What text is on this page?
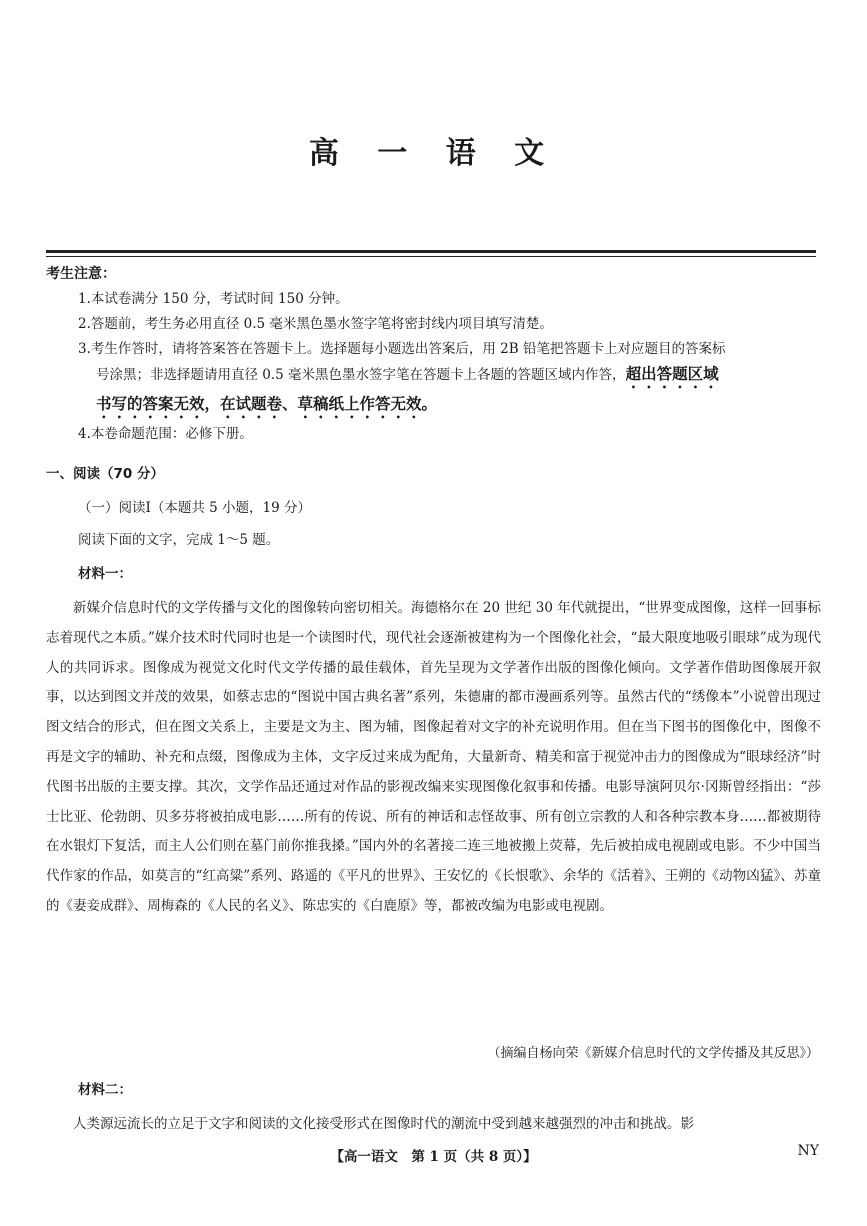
高 一 语 文
考生注意：
1.本试卷满分 150 分，考试时间 150 分钟。
2.答题前，考生务必用直径 0.5 毫米黑色墨水签字笔将密封线内项目填写清楚。
3.考生作答时，请将答案答在答题卡上。选择题每小题选出答案后，用 2B 铅笔把答题卡上对应题目的答案标
号涂黑；非选择题请用直径 0.5 毫米黑色墨水签字笔在答题卡上各题的答题区域内作答，超出答题区域
书写的答案无效，在试题卷、草稿纸上作答无效。
4.本卷命题范围：必修下册。
一、阅读（70 分）
（一）阅读Ⅰ（本题共 5 小题，19 分）
阅读下面的文字，完成 1～5 题。
材料一：
新媒介信息时代的文学传播与文化的图像转向密切相关。海德格尔在 20 世纪 30 年代就提出，“世界变成图像，这样一回事标志着现代之本质。”媒介技术时代同时也是一个读图时代，现代社会逐渐被建构为一个图像化社会，“最大限度地吸引眼球”成为现代人的共同诉求。图像成为视觉文化时代文学传播的最佳载体，首先呈现为文学著作出版的图像化倾向。文学著作借助图像展开叙事，以达到图文并茂的效果，如蔡志忠的“图说中国古典名著”系列，朱德庸的都市漫画系列等。虽然古代的“绣像本”小说曾出现过图文结合的形式，但在图文关系上，主要是文为主、图为辅，图像起着对文字的补充说明作用。但在当下图书的图像化中，图像不再是文字的辅助、补充和点缀，图像成为主体，文字反过来成为配角，大量新奇、精美和富于视觉冲击力的图像成为“眼球经济”时代图书出版的主要支撑。其次，文学作品还通过对作品的影视改编来实现图像化叙事和传播。电影导演阿贝尔·冈斯曾经指出：“莎士比亚、伦勃朗、贝多芬将被拍成电影……所有的传说、所有的神话和志怪故事、所有创立宗教的人和各种宗教本身……都被期待在水银灯下复活，而主人公们则在墓门前你推我搡。”国内外的名著接二连三地被搬上荧幕，先后被拍成电视剧或电影。不少中国当代作家的作品，如莫言的“红高粱”系列、路遥的《平凡的世界》、王安忆的《长恨歌》、余华的《活着》、王朔的《动物凶猛》、苏童的《妻妾成群》、周梅森的《人民的名义》、陈忠实的《白鹿原》等，都被改编为电影或电视剧。
（摘编自杨向荣《新媒介信息时代的文学传播及其反思》）
材料二：
人类源远流长的立足于文字和阅读的文化接受形式在图像时代的潮流中受到越来越强烈的冲击和挑战。影
【高一语文　第 1 页（共 8 页）】	NY
